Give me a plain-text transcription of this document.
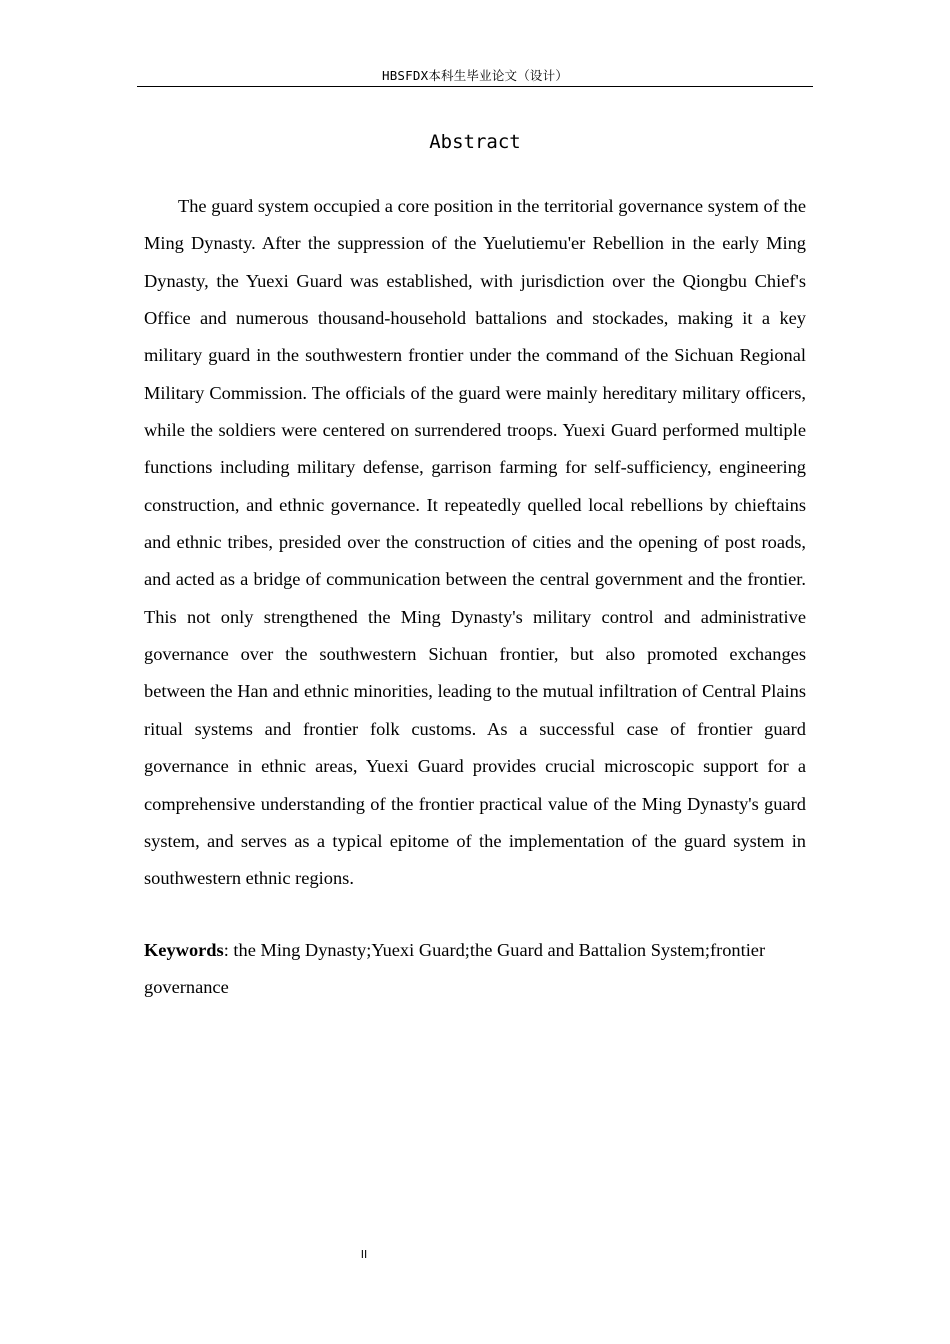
HBSFDX本科生毕业论文（设计）
Abstract

The guard system occupied a core position in the territorial governance system of the Ming Dynasty. After the suppression of the Yuelutiemu'er Rebellion in the early Ming Dynasty, the Yuexi Guard was established, with jurisdiction over the Qiongbu Chief's Office and numerous thousand-household battalions and stockades, making it a key military guard in the southwestern frontier under the command of the Sichuan Regional Military Commission. The officials of the guard were mainly hereditary military officers, while the soldiers were centered on surrendered troops. Yuexi Guard performed multiple functions including military defense, garrison farming for self-sufficiency, engineering construction, and ethnic governance. It repeatedly quelled local rebellions by chieftains and ethnic tribes, presided over the construction of cities and the opening of post roads, and acted as a bridge of communication between the central government and the frontier. This not only strengthened the Ming Dynasty's military control and administrative governance over the southwestern Sichuan frontier, but also promoted exchanges between the Han and ethnic minorities, leading to the mutual infiltration of Central Plains ritual systems and frontier folk customs. As a successful case of frontier guard governance in ethnic areas, Yuexi Guard provides crucial microscopic support for a comprehensive understanding of the frontier practical value of the Ming Dynasty's guard system, and serves as a typical epitome of the implementation of the guard system in southwestern ethnic regions.

Keywords: the Ming Dynasty;Yuexi Guard;the Guard and Battalion System;frontier governance

II
